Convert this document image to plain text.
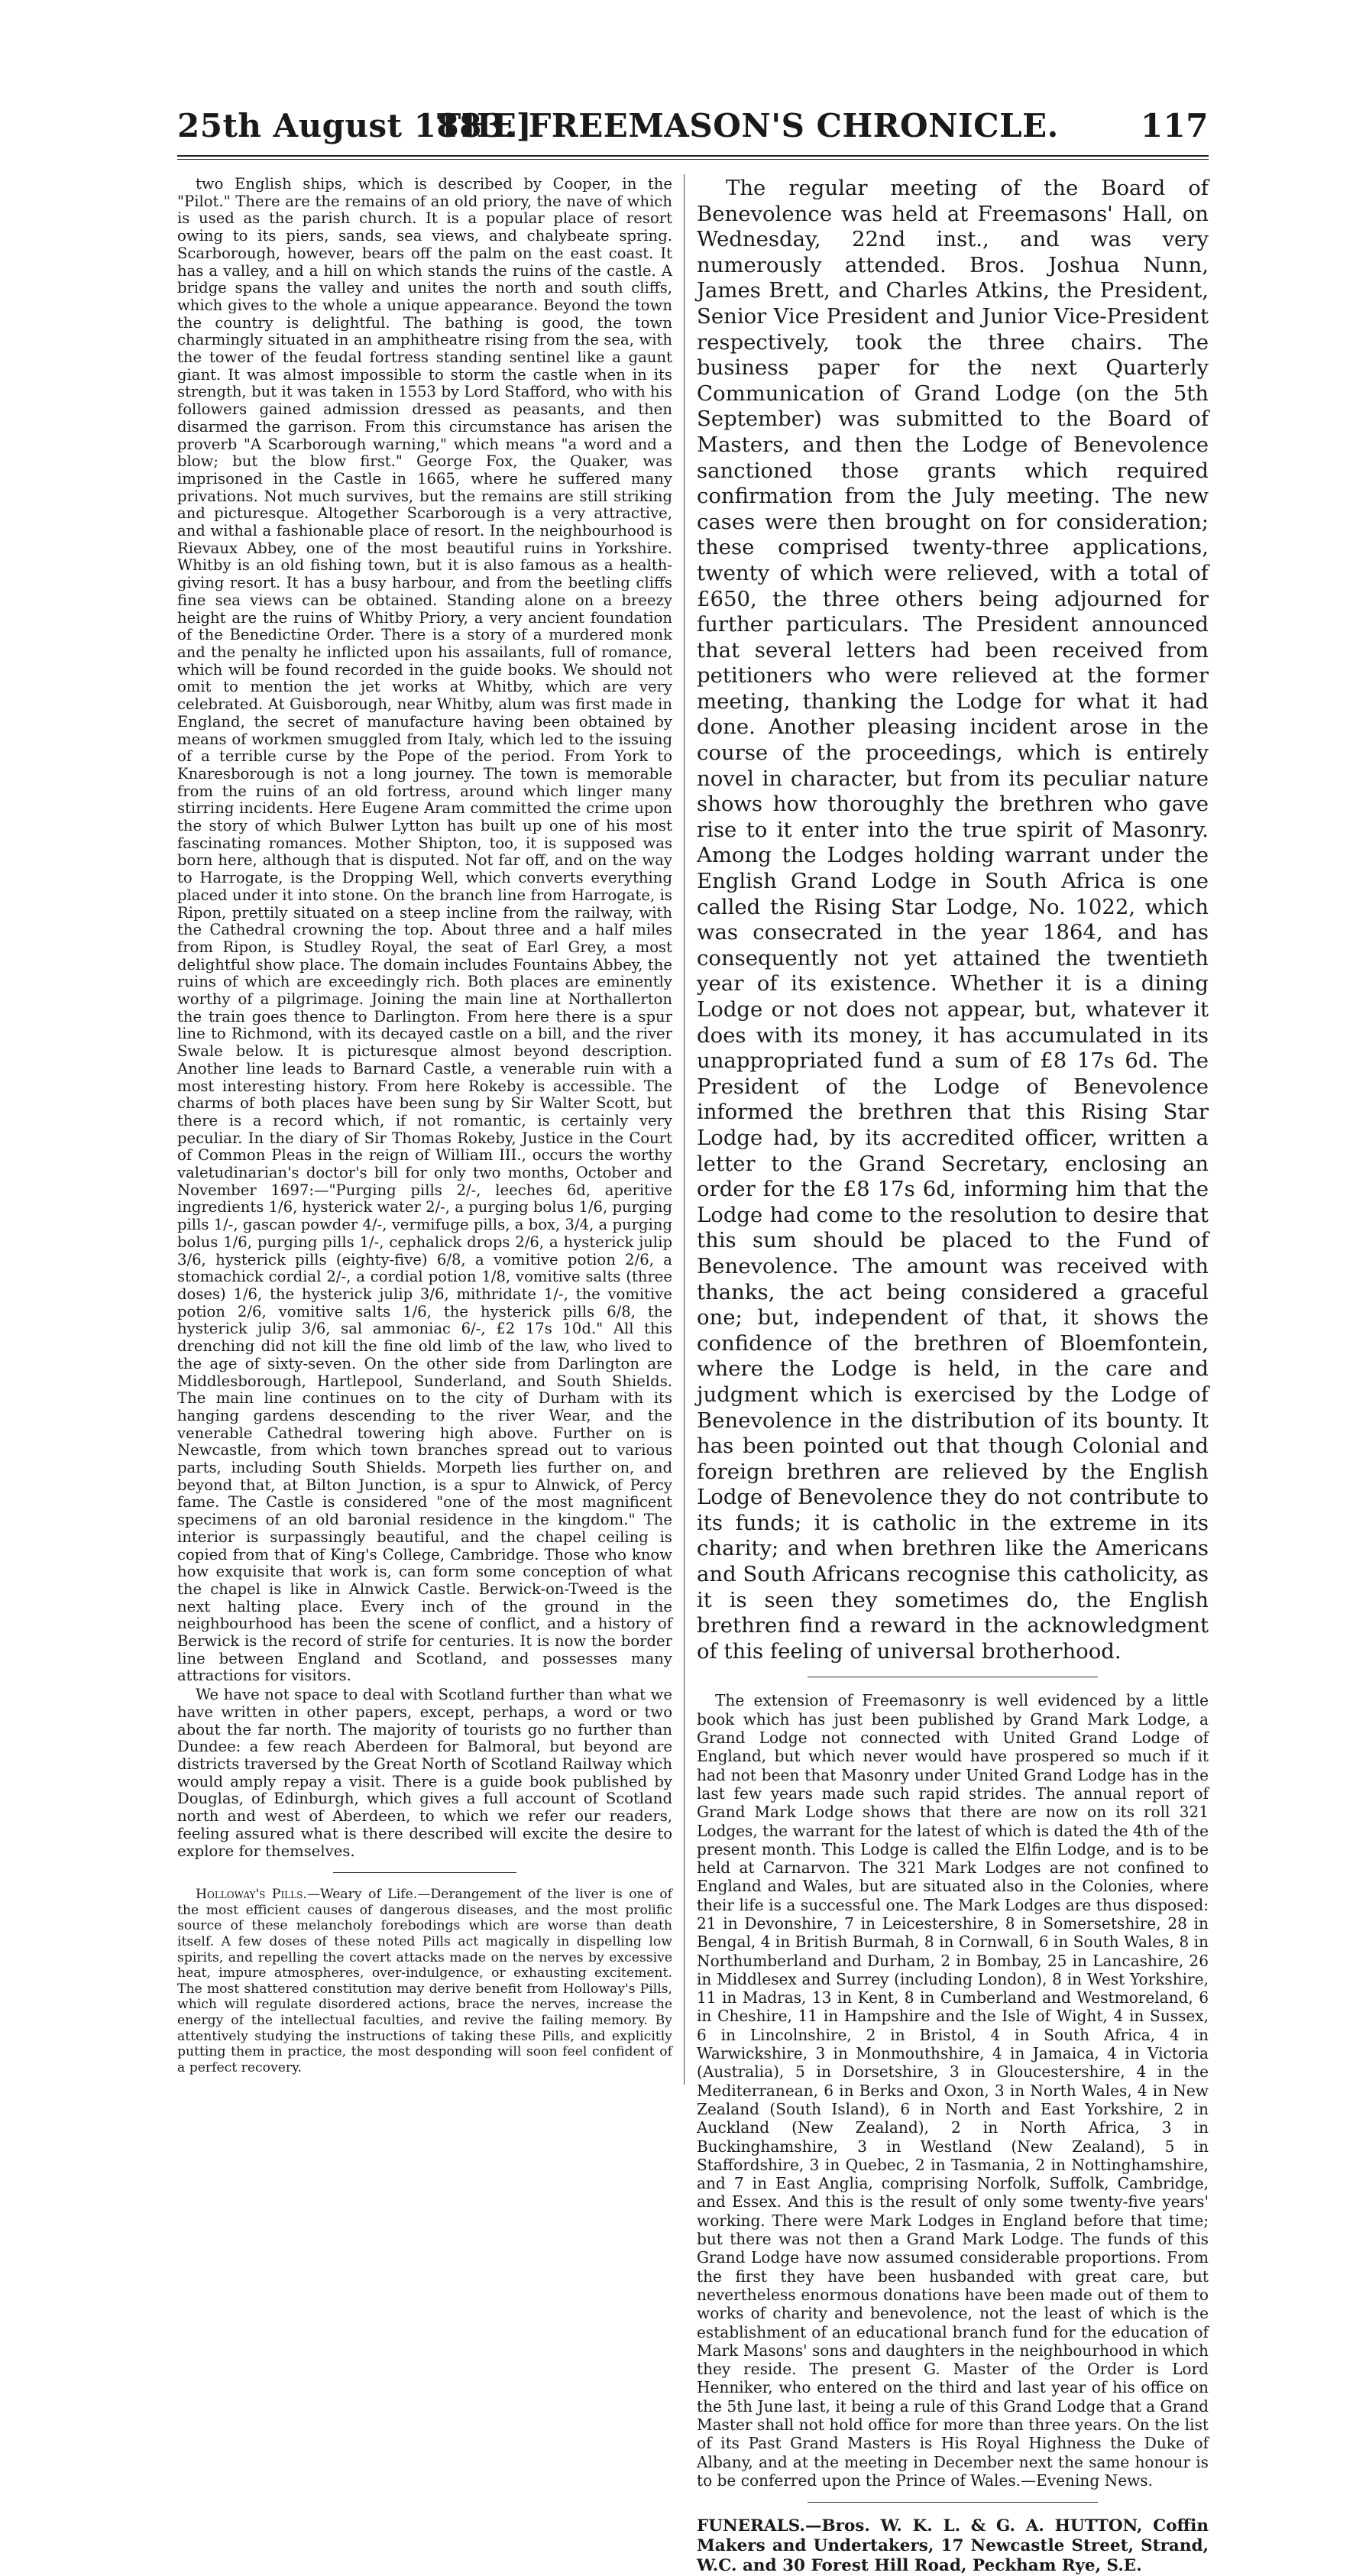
25th August 1883.]
THE FREEMASON'S CHRONICLE.	117

two English ships, which is described by Cooper, in the "Pilot." There are the remains of an old priory, the nave of which is used as the parish church. It is a popular place of resort owing to its piers, sands, sea views, and chalybeate spring. Scarborough, however, bears off the palm on the east coast. It has a valley, and a hill on which stands the ruins of the castle. A bridge spans the valley and unites the north and south cliffs, which gives to the whole a unique appearance. Beyond the town the country is delightful. The bathing is good, the town charmingly situated in an amphitheatre rising from the sea, with the tower of the feudal fortress standing sentinel like a gaunt giant. It was almost impossible to storm the castle when in its strength, but it was taken in 1553 by Lord Stafford, who with his followers gained admission dressed as peasants, and then disarmed the garrison. From this circumstance has arisen the proverb "A Scarborough warning," which means "a word and a blow; but the blow first." George Fox, the Quaker, was imprisoned in the Castle in 1665, where he suffered many privations. Not much survives, but the remains are still striking and picturesque. Altogether Scarborough is a very attractive, and withal a fashionable place of resort. In the neighbourhood is Rievaux Abbey, one of the most beautiful ruins in Yorkshire. Whitby is an old fishing town, but it is also famous as a health-giving resort. It has a busy harbour, and from the beetling cliffs fine sea views can be obtained. Standing alone on a breezy height are the ruins of Whitby Priory, a very ancient foundation of the Benedictine Order. There is a story of a murdered monk and the penalty he inflicted upon his assailants, full of romance, which will be found recorded in the guide books. We should not omit to mention the jet works at Whitby, which are very celebrated. At Guisborough, near Whitby, alum was first made in England, the secret of manufacture having been obtained by means of workmen smuggled from Italy, which led to the issuing of a terrible curse by the Pope of the period. From York to Knaresborough is not a long journey. The town is memorable from the ruins of an old fortress, around which linger many stirring incidents. Here Eugene Aram committed the crime upon the story of which Bulwer Lytton has built up one of his most fascinating romances. Mother Shipton, too, it is supposed was born here, although that is disputed. Not far off, and on the way to Harrogate, is the Dropping Well, which converts everything placed under it into stone. On the branch line from Harrogate, is Ripon, prettily situated on a steep incline from the railway, with the Cathedral crowning the top. About three and a half miles from Ripon, is Studley Royal, the seat of Earl Grey, a most delightful show place. The domain includes Fountains Abbey, the ruins of which are exceedingly rich. Both places are eminently worthy of a pilgrimage. Joining the main line at Northallerton the train goes thence to Darlington. From here there is a spur line to Richmond, with its decayed castle on a bill, and the river Swale below. It is picturesque almost beyond description. Another line leads to Barnard Castle, a venerable ruin with a most interesting history. From here Rokeby is accessible. The charms of both places have been sung by Sir Walter Scott, but there is a record which, if not romantic, is certainly very peculiar. In the diary of Sir Thomas Rokeby, Justice in the Court of Common Pleas in the reign of William III., occurs the worthy valetudinarian's doctor's bill for only two months, October and November 1697:—"Purging pills 2/-, leeches 6d, aperitive ingredients 1/6, hysterick water 2/-, a purging bolus 1/6, purging pills 1/-, gascan powder 4/-, vermifuge pills, a box, 3/4, a purging bolus 1/6, purging pills 1/-, cephalick drops 2/6, a hysterick julip 3/6, hysterick pills (eighty-five) 6/8, a vomitive potion 2/6, a stomachick cordial 2/-, a cordial potion 1/8, vomitive salts (three doses) 1/6, the hysterick julip 3/6, mithridate 1/-, the vomitive potion 2/6, vomitive salts 1/6, the hysterick pills 6/8, the hysterick julip 3/6, sal ammoniac 6/-, £2 17s 10d." All this drenching did not kill the fine old limb of the law, who lived to the age of sixty-seven. On the other side from Darlington are Middlesborough, Hartlepool, Sunderland, and South Shields. The main line continues on to the city of Durham with its hanging gardens descending to the river Wear, and the venerable Cathedral towering high above. Further on is Newcastle, from which town branches spread out to various parts, including South Shields. Morpeth lies further on, and beyond that, at Bilton Junction, is a spur to Alnwick, of Percy fame. The Castle is considered "one of the most magnificent specimens of an old baronial residence in the kingdom." The interior is surpassingly beautiful, and the chapel ceiling is copied from that of King's College, Cambridge. Those who know how exquisite that work is, can form some conception of what the chapel is like in Alnwick Castle. Berwick-on-Tweed is the next halting place. Every inch of the ground in the neighbourhood has been the scene of conflict, and a history of Berwick is the record of strife for centuries. It is now the border line between England and Scotland, and possesses many attractions for visitors.

We have not space to deal with Scotland further than what we have written in other papers, except, perhaps, a word or two about the far north. The majority of tourists go no further than Dundee: a few reach Aberdeen for Balmoral, but beyond are districts traversed by the Great North of Scotland Railway which would amply repay a visit. There is a guide book published by Douglas, of Edinburgh, which gives a full account of Scotland north and west of Aberdeen, to which we refer our readers, feeling assured what is there described will excite the desire to explore for themselves.

Holloway's Pills.—Weary of Life.—Derangement of the liver is one of the most efficient causes of dangerous diseases, and the most prolific source of these melancholy forebodings which are worse than death itself. A few doses of these noted Pills act magically in dispelling low spirits, and repelling the covert attacks made on the nerves by excessive heat, impure atmospheres, over-indulgence, or exhausting excitement. The most shattered constitution may derive benefit from Holloway's Pills, which will regulate disordered actions, brace the nerves, increase the energy of the intellectual faculties, and revive the failing memory. By attentively studying the instructions of taking these Pills, and explicitly putting them in practice, the most desponding will soon feel confident of a perfect recovery.

The regular meeting of the Board of Benevolence was held at Freemasons' Hall, on Wednesday, 22nd inst., and was very numerously attended. Bros. Joshua Nunn, James Brett, and Charles Atkins, the President, Senior Vice President and Junior Vice-President respectively, took the three chairs. The business paper for the next Quarterly Communication of Grand Lodge (on the 5th September) was submitted to the Board of Masters, and then the Lodge of Benevolence sanctioned those grants which required confirmation from the July meeting. The new cases were then brought on for consideration; these comprised twenty-three applications, twenty of which were relieved, with a total of £650, the three others being adjourned for further particulars. The President announced that several letters had been received from petitioners who were relieved at the former meeting, thanking the Lodge for what it had done. Another pleasing incident arose in the course of the proceedings, which is entirely novel in character, but from its peculiar nature shows how thoroughly the brethren who gave rise to it enter into the true spirit of Masonry. Among the Lodges holding warrant under the English Grand Lodge in South Africa is one called the Rising Star Lodge, No. 1022, which was consecrated in the year 1864, and has consequently not yet attained the twentieth year of its existence. Whether it is a dining Lodge or not does not appear, but, whatever it does with its money, it has accumulated in its unappropriated fund a sum of £8 17s 6d. The President of the Lodge of Benevolence informed the brethren that this Rising Star Lodge had, by its accredited officer, written a letter to the Grand Secretary, enclosing an order for the £8 17s 6d, informing him that the Lodge had come to the resolution to desire that this sum should be placed to the Fund of Benevolence. The amount was received with thanks, the act being considered a graceful one; but, independent of that, it shows the confidence of the brethren of Bloemfontein, where the Lodge is held, in the care and judgment which is exercised by the Lodge of Benevolence in the distribution of its bounty. It has been pointed out that though Colonial and foreign brethren are relieved by the English Lodge of Benevolence they do not contribute to its funds; it is catholic in the extreme in its charity; and when brethren like the Americans and South Africans recognise this catholicity, as it is seen they sometimes do, the English brethren find a reward in the acknowledgment of this feeling of universal brotherhood.

The extension of Freemasonry is well evidenced by a little book which has just been published by Grand Mark Lodge, a Grand Lodge not connected with United Grand Lodge of England, but which never would have prospered so much if it had not been that Masonry under United Grand Lodge has in the last few years made such rapid strides. The annual report of Grand Mark Lodge shows that there are now on its roll 321 Lodges, the warrant for the latest of which is dated the 4th of the present month. This Lodge is called the Elfin Lodge, and is to be held at Carnarvon. The 321 Mark Lodges are not confined to England and Wales, but are situated also in the Colonies, where their life is a successful one. The Mark Lodges are thus disposed: 21 in Devonshire, 7 in Leicestershire, 8 in Somersetshire, 28 in Bengal, 4 in British Burmah, 8 in Cornwall, 6 in South Wales, 8 in Northumberland and Durham, 2 in Bombay, 25 in Lancashire, 26 in Middlesex and Surrey (including London), 8 in West Yorkshire, 11 in Madras, 13 in Kent, 8 in Cumberland and Westmoreland, 6 in Cheshire, 11 in Hampshire and the Isle of Wight, 4 in Sussex, 6 in Lincolnshire, 2 in Bristol, 4 in South Africa, 4 in Warwickshire, 3 in Monmouthshire, 4 in Jamaica, 4 in Victoria (Australia), 5 in Dorsetshire, 3 in Gloucestershire, 4 in the Mediterranean, 6 in Berks and Oxon, 3 in North Wales, 4 in New Zealand (South Island), 6 in North and East Yorkshire, 2 in Auckland (New Zealand), 2 in North Africa, 3 in Buckinghamshire, 3 in Westland (New Zealand), 5 in Staffordshire, 3 in Quebec, 2 in Tasmania, 2 in Nottinghamshire, and 7 in East Anglia, comprising Norfolk, Suffolk, Cambridge, and Essex. And this is the result of only some twenty-five years' working. There were Mark Lodges in England before that time; but there was not then a Grand Mark Lodge. The funds of this Grand Lodge have now assumed considerable proportions. From the first they have been husbanded with great care, but nevertheless enormous donations have been made out of them to works of charity and benevolence, not the least of which is the establishment of an educational branch fund for the education of Mark Masons' sons and daughters in the neighbourhood in which they reside. The present G. Master of the Order is Lord Henniker, who entered on the third and last year of his office on the 5th June last, it being a rule of this Grand Lodge that a Grand Master shall not hold office for more than three years. On the list of its Past Grand Masters is His Royal Highness the Duke of Albany, and at the meeting in December next the same honour is to be conferred upon the Prince of Wales.—Evening News.

FUNERALS.—Bros. W. K. L. & G. A. HUTTON, Coffin Makers and Undertakers, 17 Newcastle Street, Strand, W.C. and 30 Forest Hill Road, Peckham Rye, S.E.
